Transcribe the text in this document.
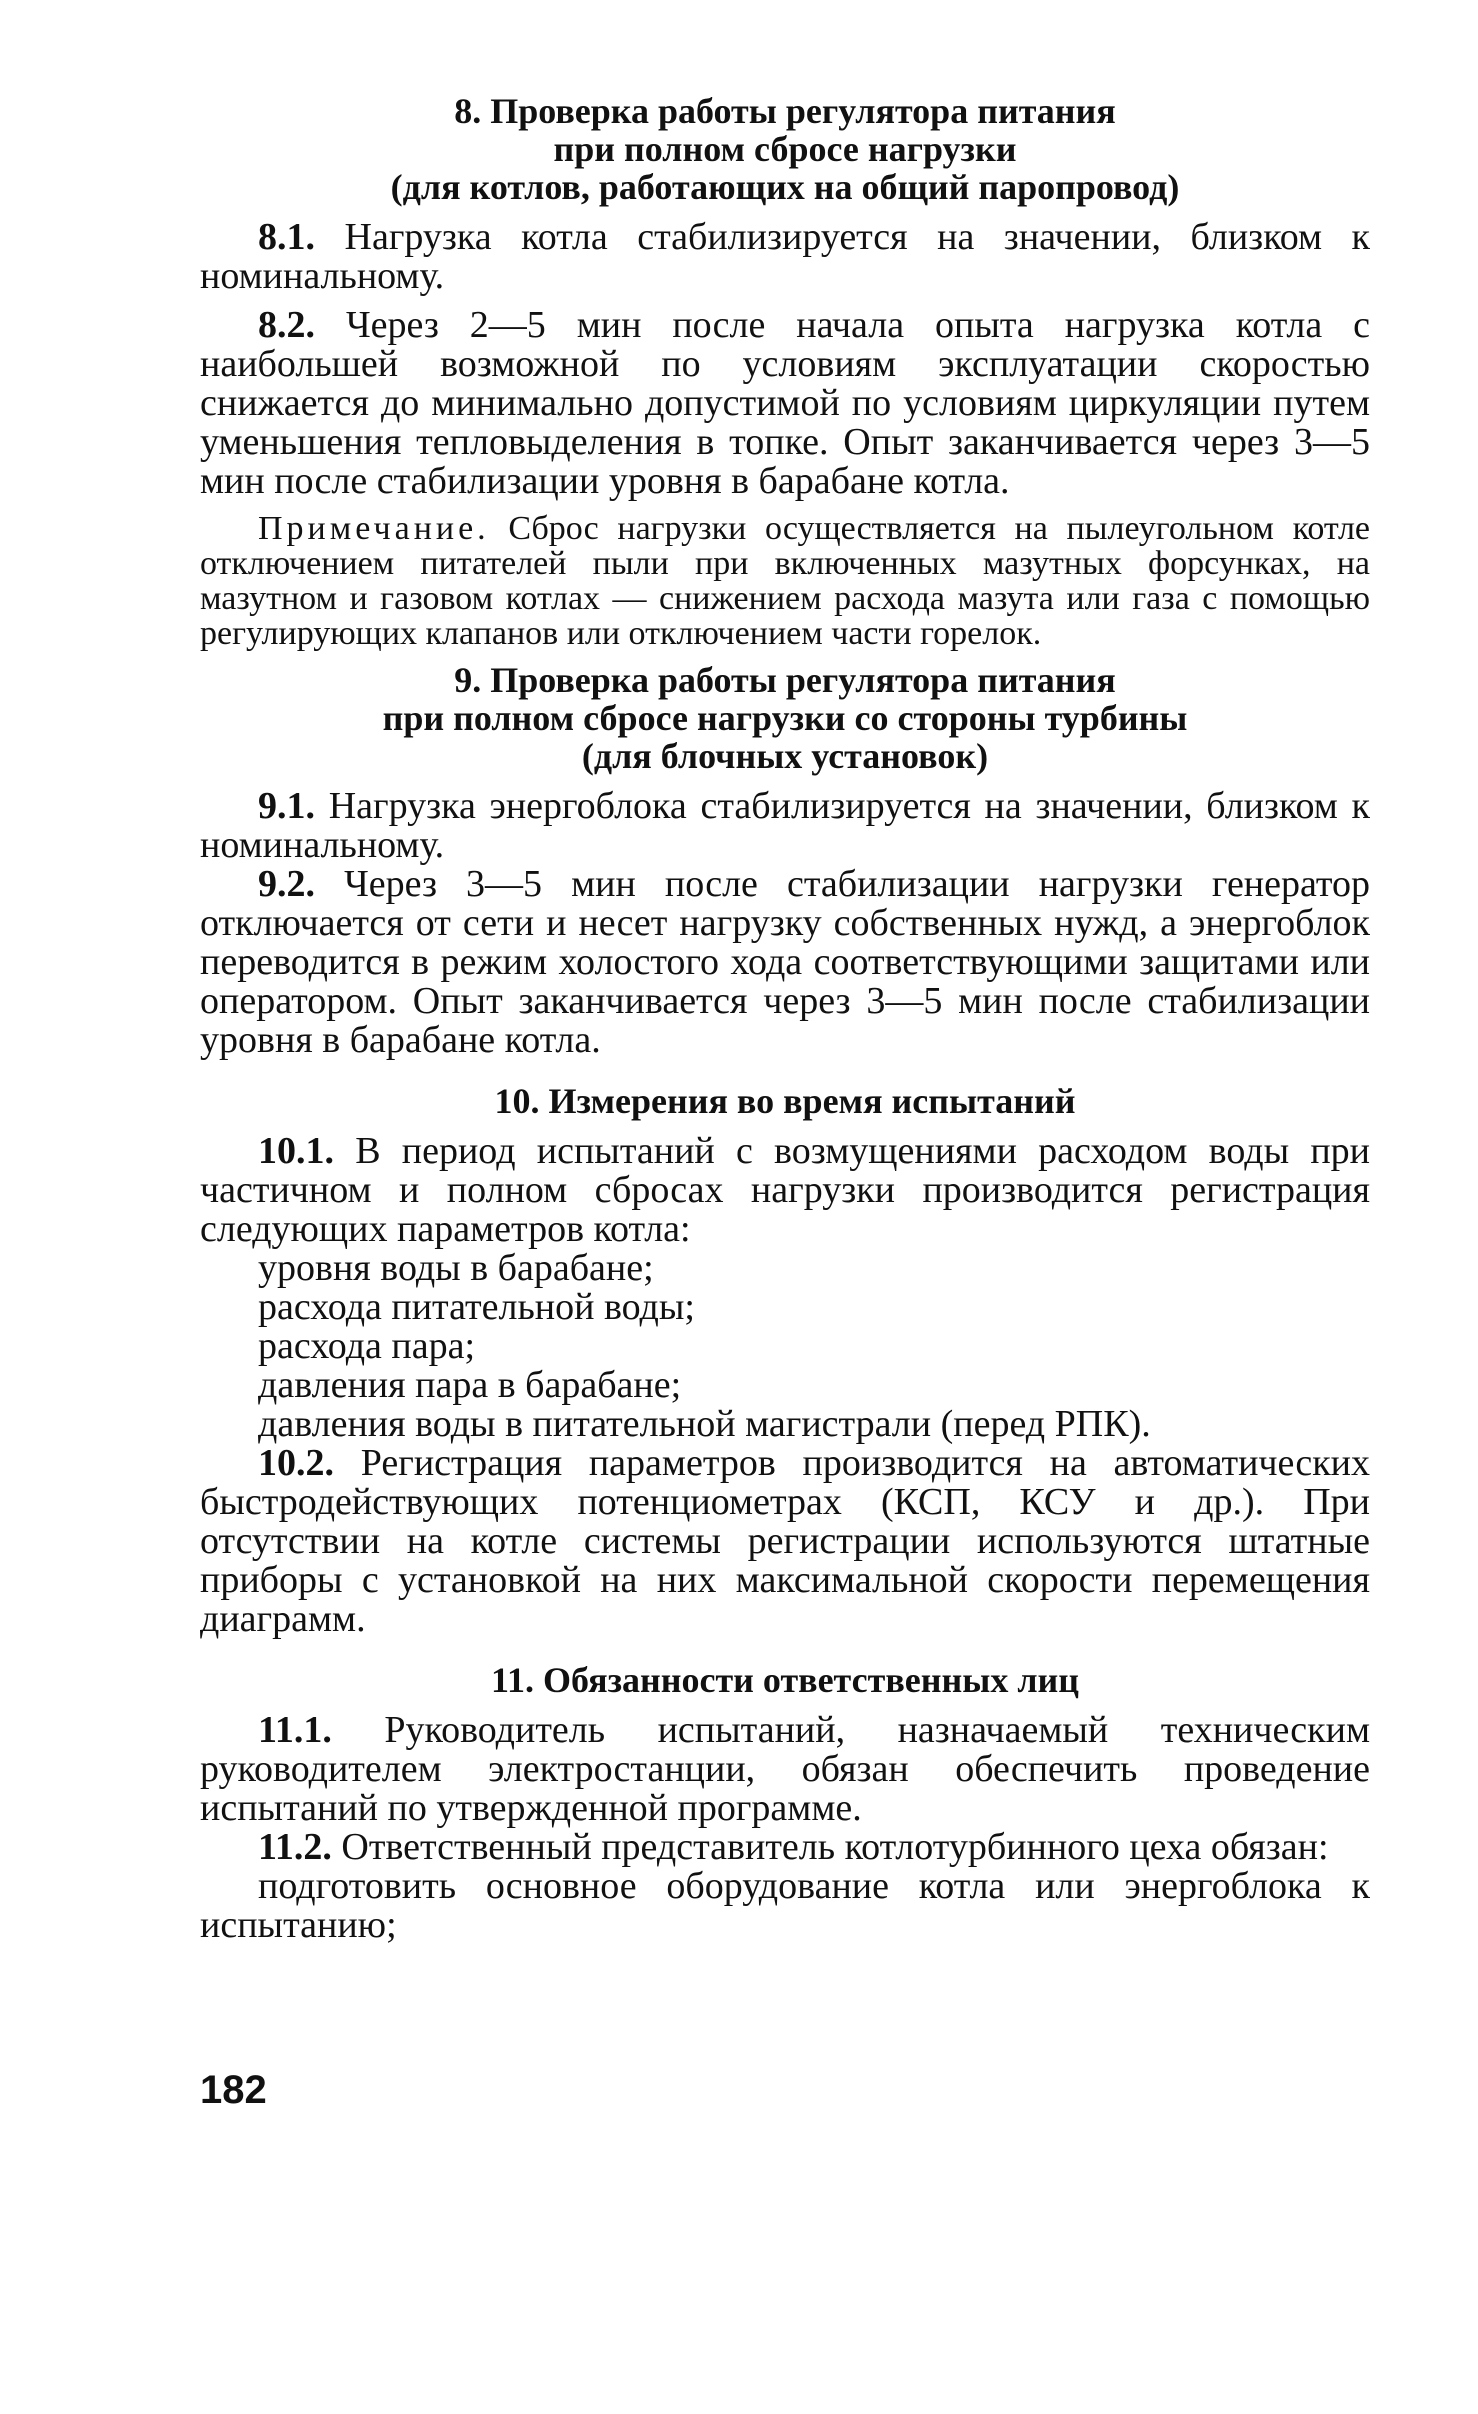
8. Проверка работы регулятора питания
при полном сбросе нагрузки
(для котлов, работающих на общий паропровод)

8.1. Нагрузка котла стабилизируется на значении, близком к номинальному.

8.2. Через 2—5 мин после начала опыта нагрузка котла с наибольшей возможной по условиям эксплуатации скоростью снижается до минимально допустимой по условиям циркуляции путем уменьшения тепловыделения в топке. Опыт заканчивается через 3—5 мин после стабилизации уровня в барабане котла.

Примечание. Сброс нагрузки осуществляется на пылеугольном котле отключением питателей пыли при включенных мазутных форсунках, на мазутном и газовом котлах — снижением расхода мазута или газа с помощью регулирующих клапанов или отключением части горелок.

9. Проверка работы регулятора питания
при полном сбросе нагрузки со стороны турбины
(для блочных установок)

9.1. Нагрузка энергоблока стабилизируется на значении, близком к номинальному.

9.2. Через 3—5 мин после стабилизации нагрузки генератор отключается от сети и несет нагрузку собственных нужд, а энергоблок переводится в режим холостого хода соответствующими защитами или оператором. Опыт заканчивается через 3—5 мин после стабилизации уровня в барабане котла.

10. Измерения во время испытаний

10.1. В период испытаний с возмущениями расходом воды при частичном и полном сбросах нагрузки производится регистрация следующих параметров котла:

уровня воды в барабане;
расхода питательной воды;
расхода пара;
давления пара в барабане;
давления воды в питательной магистрали (перед РПК).

10.2. Регистрация параметров производится на автоматических быстродействующих потенциометрах (КСП, КСУ и др.). При отсутствии на котле системы регистрации используются штатные приборы с установкой на них максимальной скорости перемещения диаграмм.

11. Обязанности ответственных лиц

11.1. Руководитель испытаний, назначаемый техническим руководителем электростанции, обязан обеспечить проведение испытаний по утвержденной программе.

11.2. Ответственный представитель котлотурбинного цеха обязан:

подготовить основное оборудование котла или энергоблока к испытанию;

182
